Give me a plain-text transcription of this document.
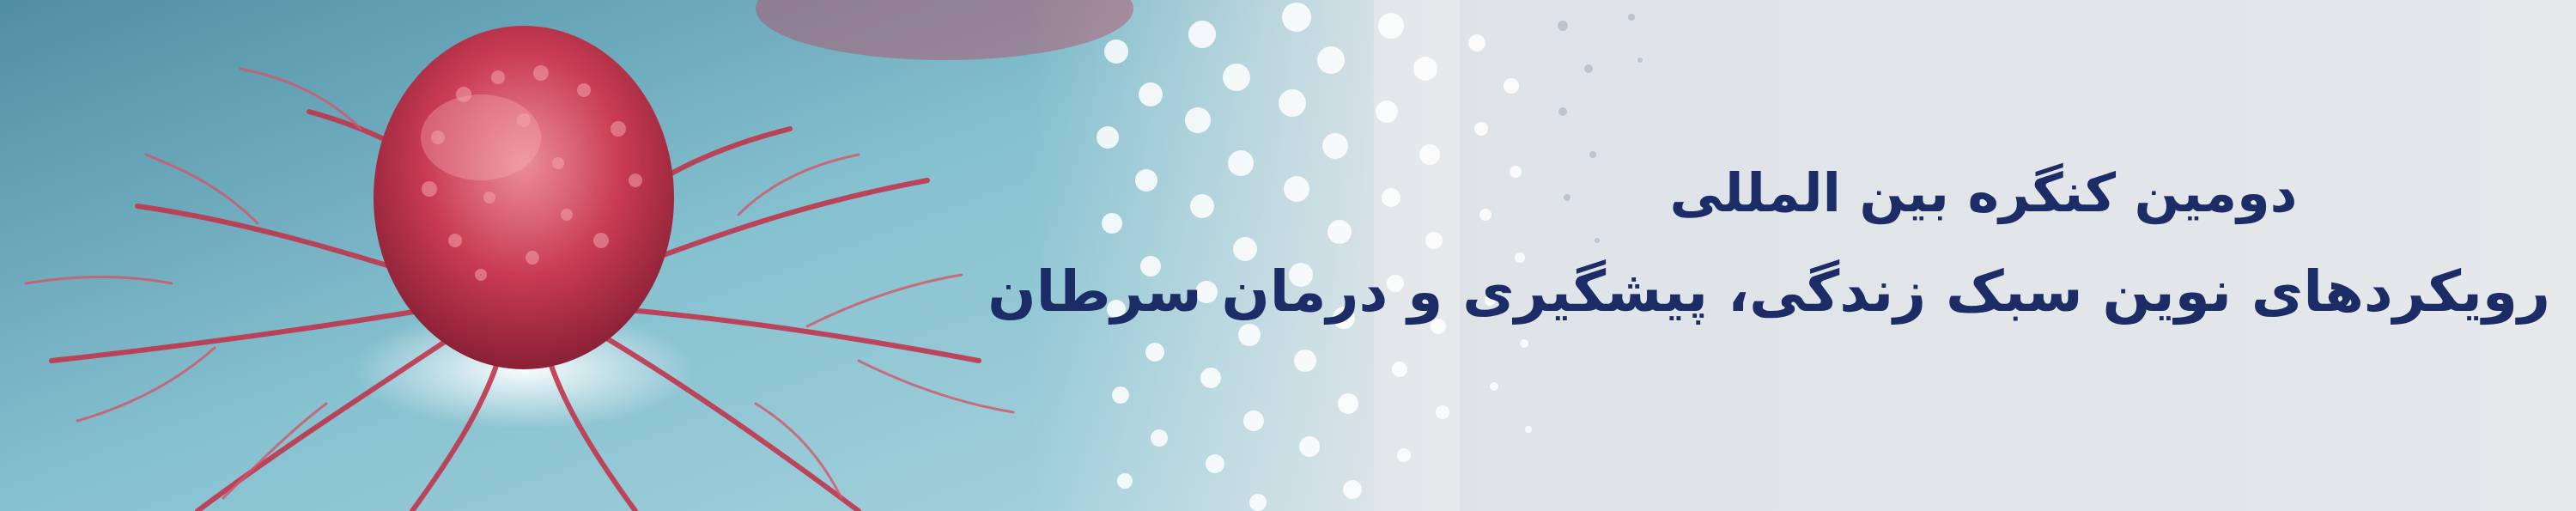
دومین کنگره بین المللی
رویکردهای نوین سبک زندگی، پیشگیری و درمان سرطان
